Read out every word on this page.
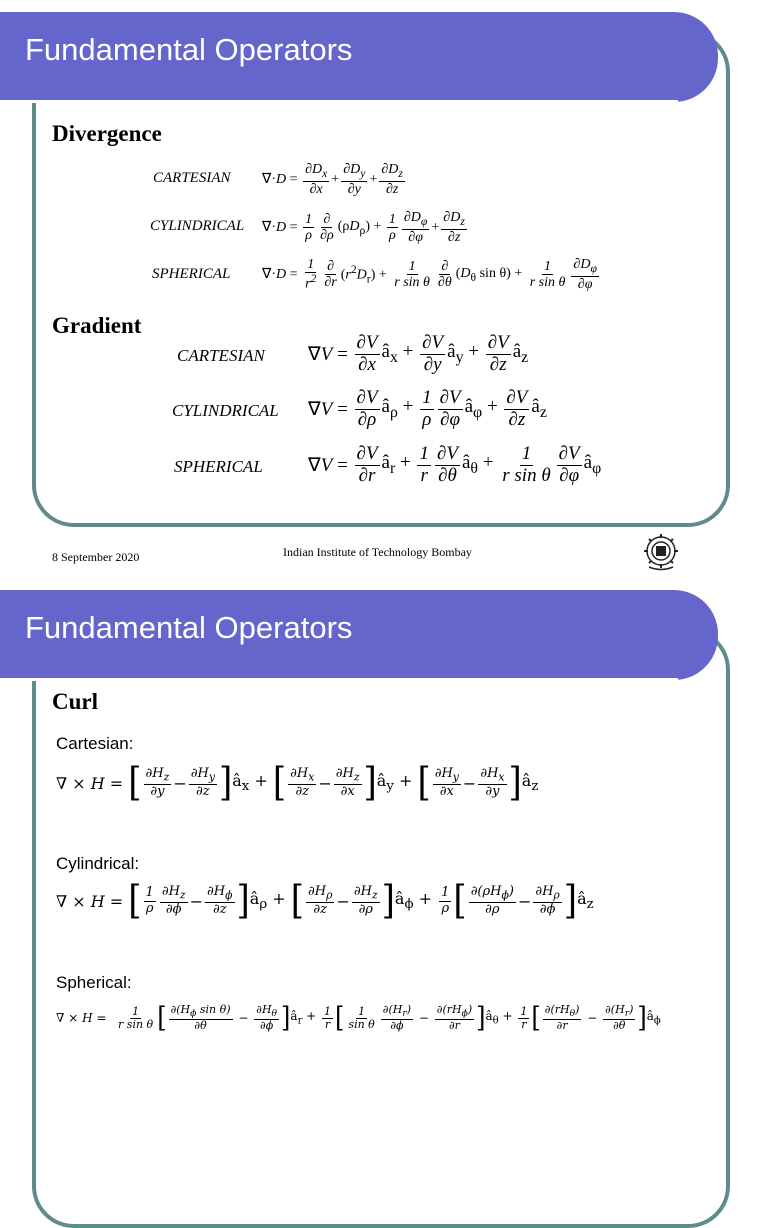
Fundamental Operators
Divergence
CARTESIAN $\nabla\cdot D = \frac{\partial D_x}{\partial x} + \frac{\partial D_y}{\partial y} + \frac{\partial D_z}{\partial z}$
CYLINDRICAL $\nabla\cdot D = \frac{1}{\rho} \frac{\partial}{\partial\rho} (\rho D_\rho) + \frac{1}{\rho} \frac{\partial D_\varphi}{\partial\varphi} + \frac{\partial D_z}{\partial z}$
SPHERICAL $\nabla\cdot D = \frac{1}{r^2} \frac{\partial}{\partial r} (r^2D_r) + \frac{1}{\text{r sin θ}} \frac{\partial}{\partial\theta} (D_\theta$ $\sin \theta) + \frac{1}{\text{r sin θ}} \frac{\partial D_\varphi}{\partial\varphi}$
Gradient
CARTESIAN $\nabla V = \frac{\partial V}{\partial x}$ $â_x + \frac{\partial V}{\partial y}$ $â_y + \frac{\partial V}{\partial z}$ $â_z$
CYLINDRICAL $\nabla V = \frac{\partial V}{\partial\rho}$ $â_\rho + \frac{1}{\rho} \frac{\partial V}{\partial\varphi}$ $â_\varphi + \frac{\partial V}{\partial z}$ $â_z$
SPHERICAL $\nabla V = \frac{\partial V}{\partial r}$ $â_r + \frac{1}{r} \frac{\partial V}{\partial\theta}$ $â_\theta + \frac{1}{\text{r sin θ}} \frac{\partial V}{\partial\varphi}$ $â_\varphi$
8 September 2020	Indian Institute of Technology Bombay
Fundamental Operators
Curl
Cartesian:
∇ × H = [ $\frac{\partial H_z}{\partial y} - \frac{\partial H_y}{\partial z}$ ] $â_x$ + [ $\frac{\partial H_x}{\partial z} - \frac{\partial H_z}{\partial x}$ ] $â_y$ + [ $\frac{\partial H_y}{\partial x} - \frac{\partial H_x}{\partial y}$ ] $â_z$
Cylindrical:
∇ × H = [ $\frac{1}{\rho} \frac{\partial H_z}{\partial\phi} - \frac{\partial H_\phi}{\partial z}$ ] $â_\rho$ + [ $\frac{\partial H_\rho}{\partial z} - \frac{\partial H_z}{\partial\rho}$ ] $â_\phi + \frac{1}{\rho}$ [ $\frac{\partial(\rho H_\phi)}{\partial\rho} - \frac{\partial H_\rho}{\partial\phi}$ ] $â_z$
Spherical:
∇ × $H = \frac{1}{\text{r sin θ}}$ [ $\frac{\partial(H_\phi \sin \theta)}{\partial\theta} - \frac{\partial H_\theta}{\partial\phi}$ ] $â_r + \frac{1}{r}$ [ $\frac{1}{\text{sin θ}} \frac{\partial(H_r)}{\partial\phi} - \frac{\partial(rH_\phi)}{\partial r}$ ] $â_\theta + \frac{1}{r}$ [ $\frac{\partial(rH_\theta)}{\partial r} - \frac{\partial(H_r)}{\partial\theta}$ ] $â_\phi$
